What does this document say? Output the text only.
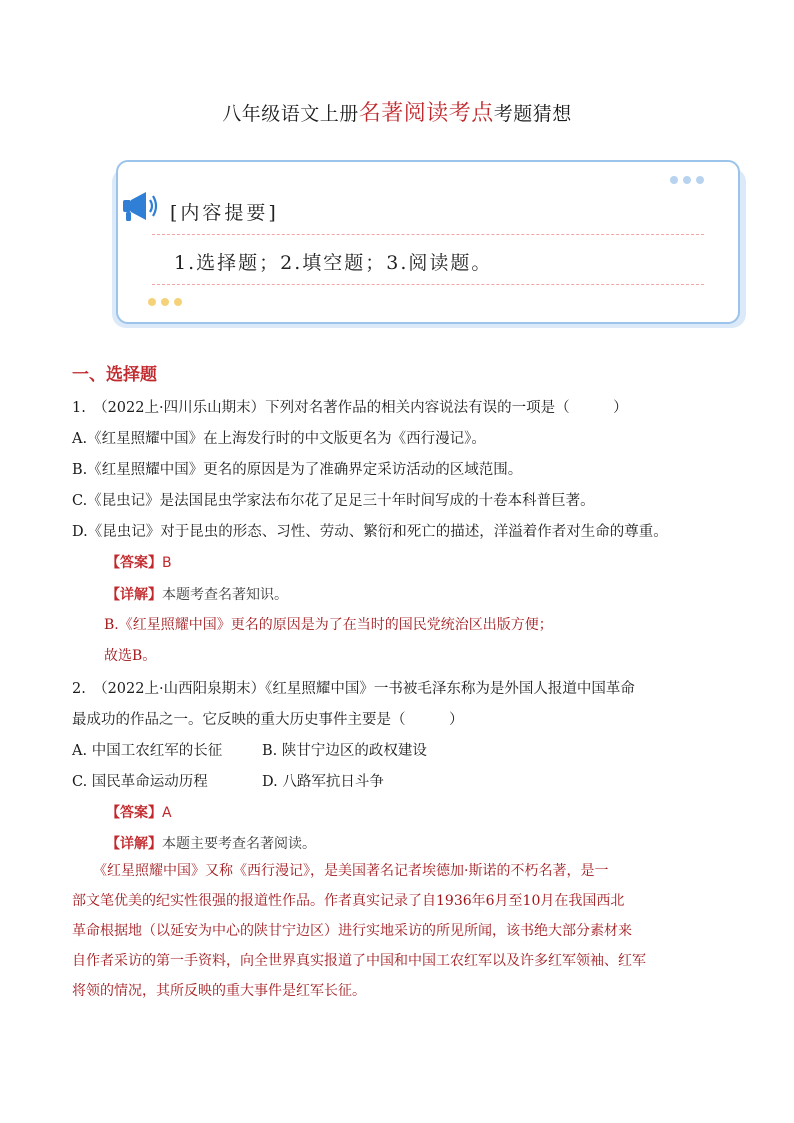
八年级语文上册名著阅读考点考题猜想
[内容提要]
1.选择题；2.填空题；3.阅读题。
一、选择题
1.　（2022上·四川乐山期末）下列对名著作品的相关内容说法有误的一项是（　　　）
A.《红星照耀中国》在上海发行时的中文版更名为《西行漫记》。
B.《红星照耀中国》更名的原因是为了准确界定采访活动的区域范围。
C.《昆虫记》是法国昆虫学家法布尔花了足足三十年时间写成的十卷本科普巨著。
D.《昆虫记》对于昆虫的形态、习性、劳动、繁衍和死亡的描述，洋溢着作者对生命的尊重。
【答案】B
【详解】本题考查名著知识。
B.《红星照耀中国》更名的原因是为了在当时的国民党统治区出版方便；
故选B。
2.　（2022上·山西阳泉期末）《红星照耀中国》一书被毛泽东称为是外国人报道中国革命
最成功的作品之一。它反映的重大历史事件主要是（　　　）
A. 中国工农红军的长征	B. 陕甘宁边区的政权建设
C. 国民革命运动历程	D. 八路军抗日斗争
【答案】A
【详解】本题主要考查名著阅读。
　　《红星照耀中国》又称《西行漫记》，是美国著名记者埃德加·斯诺的不朽名著，是一
部文笔优美的纪实性很强的报道性作品。作者真实记录了自1936年6月至10月在我国西北
革命根据地（以延安为中心的陕甘宁边区）进行实地采访的所见所闻，该书绝大部分素材来
自作者采访的第一手资料，向全世界真实报道了中国和中国工农红军以及许多红军领袖、红军
将领的情况，其所反映的重大事件是红军长征。
